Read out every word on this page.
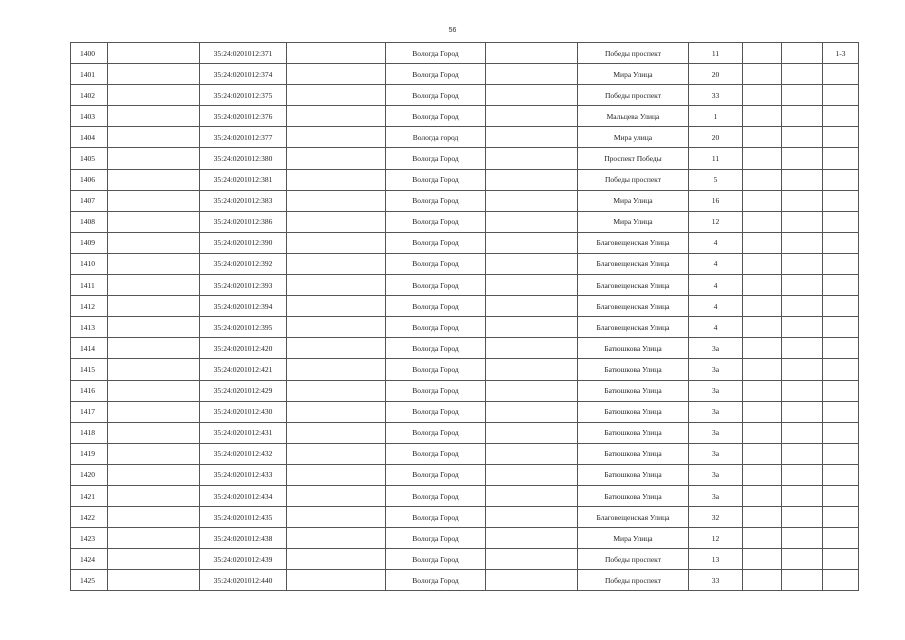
56
1400		35:24:0201012:371		Вологда Город		Победы проспект	11			1-3
1401		35:24:0201012:374		Вологда Город		Мира Улица	20			
1402		35:24:0201012:375		Вологда Город		Победы проспект	33			
1403		35:24:0201012:376		Вологда Город		Мальцева Улица	1			
1404		35:24:0201012:377		Вологда город		Мира улица	20			
1405		35:24:0201012:380		Вологда Город		Проспект Победы	11			
1406		35:24:0201012:381		Вологда Город		Победы проспект	5			
1407		35:24:0201012:383		Вологда Город		Мира Улица	16			
1408		35:24:0201012:386		Вологда Город		Мира Улица	12			
1409		35:24:0201012:390		Вологда Город		Благовещенская Улица	4			
1410		35:24:0201012:392		Вологда Город		Благовещенская Улица	4			
1411		35:24:0201012:393		Вологда Город		Благовещенская Улица	4			
1412		35:24:0201012:394		Вологда Город		Благовещенская Улица	4			
1413		35:24:0201012:395		Вологда Город		Благовещенская Улица	4			
1414		35:24:0201012:420		Вологда Город		Батюшкова Улица	3а			
1415		35:24:0201012:421		Вологда Город		Батюшкова Улица	3а			
1416		35:24:0201012:429		Вологда Город		Батюшкова Улица	3а			
1417		35:24:0201012:430		Вологда Город		Батюшкова Улица	3а			
1418		35:24:0201012:431		Вологда Город		Батюшкова Улица	3а			
1419		35:24:0201012:432		Вологда Город		Батюшкова Улица	3а			
1420		35:24:0201012:433		Вологда Город		Батюшкова Улица	3а			
1421		35:24:0201012:434		Вологда Город		Батюшкова Улица	3а			
1422		35:24:0201012:435		Вологда Город		Благовещенская Улица	32			
1423		35:24:0201012:438		Вологда Город		Мира Улица	12			
1424		35:24:0201012:439		Вологда Город		Победы проспект	13			
1425		35:24:0201012:440		Вологда Город		Победы проспект	33			
